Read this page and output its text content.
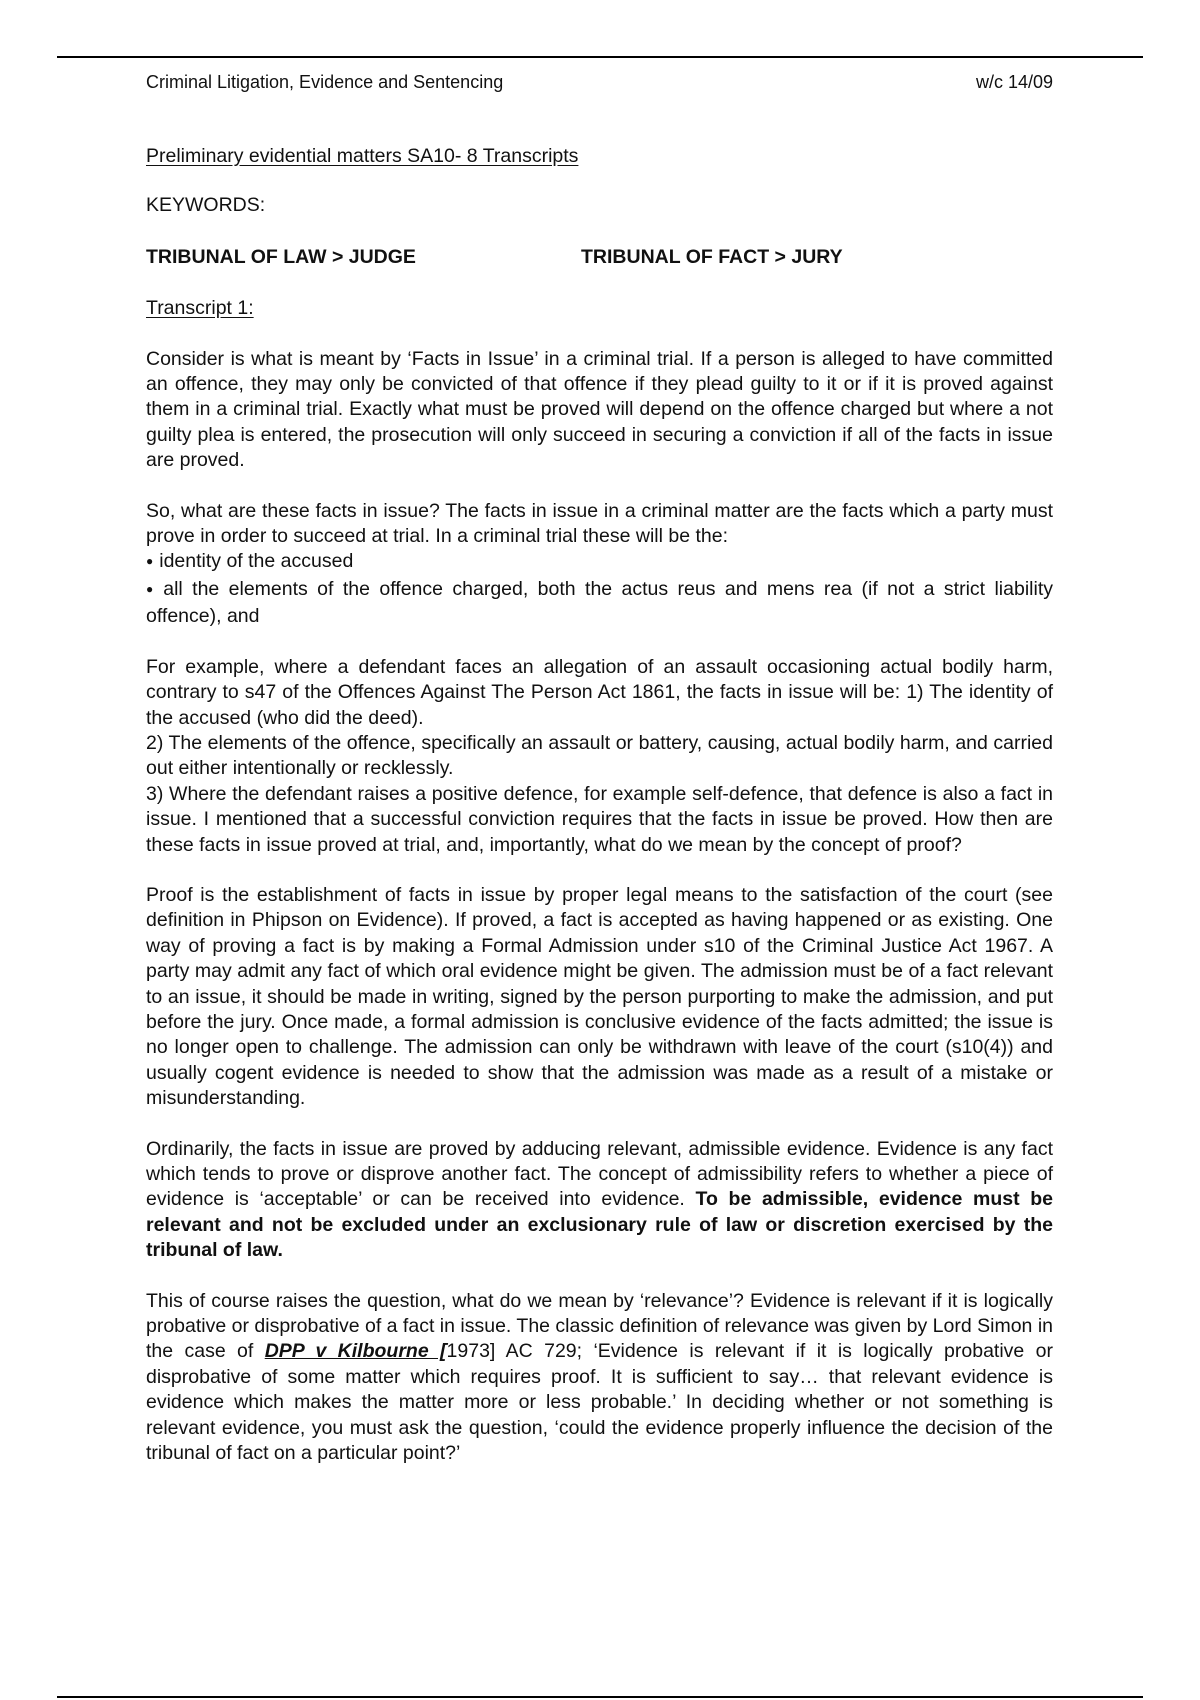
Criminal Litigation, Evidence and Sentencing	w/c 14/09
Preliminary evidential matters SA10- 8 Transcripts
KEYWORDS:
TRIBUNAL OF LAW > JUDGE	TRIBUNAL OF FACT > JURY
Transcript 1:

Consider is what is meant by ‘Facts in Issue’ in a criminal trial. If a person is alleged to have committed an offence, they may only be convicted of that offence if they plead guilty to it or if it is proved against them in a criminal trial. Exactly what must be proved will depend on the offence charged but where a not guilty plea is entered, the prosecution will only succeed in securing a conviction if all of the facts in issue are proved.

So, what are these facts in issue? The facts in issue in a criminal matter are the facts which a party must prove in order to succeed at trial. In a criminal trial these will be the:

● identity of the accused

● all the elements of the offence charged, both the actus reus and mens rea (if not a strict liability offence), and

For example, where a defendant faces an allegation of an assault occasioning actual bodily harm, contrary to s47 of the Offences Against The Person Act 1861, the facts in issue will be: 1) The identity of the accused (who did the deed).

2) The elements of the offence, specifically an assault or battery, causing, actual bodily harm, and carried out either intentionally or recklessly.

3) Where the defendant raises a positive defence, for example self-defence, that defence is also a fact in issue. I mentioned that a successful conviction requires that the facts in issue be proved. How then are these facts in issue proved at trial, and, importantly, what do we mean by the concept of proof?

Proof is the establishment of facts in issue by proper legal means to the satisfaction of the court (see definition in Phipson on Evidence). If proved, a fact is accepted as having happened or as existing. One way of proving a fact is by making a Formal Admission under s10 of the Criminal Justice Act 1967. A party may admit any fact of which oral evidence might be given. The admission must be of a fact relevant to an issue, it should be made in writing, signed by the person purporting to make the admission, and put before the jury. Once made, a formal admission is conclusive evidence of the facts admitted; the issue is no longer open to challenge. The admission can only be withdrawn with leave of the court (s10(4)) and usually cogent evidence is needed to show that the admission was made as a result of a mistake or misunderstanding.

Ordinarily, the facts in issue are proved by adducing relevant, admissible evidence. Evidence is any fact which tends to prove or disprove another fact. The concept of admissibility refers to whether a piece of evidence is ‘acceptable’ or can be received into evidence. To be admissible, evidence must be relevant and not be excluded under an exclusionary rule of law or discretion exercised by the tribunal of law.

This of course raises the question, what do we mean by ‘relevance’? Evidence is relevant if it is logically probative or disprobative of a fact in issue. The classic definition of relevance was given by Lord Simon in the case of DPP v Kilbourne [1973] AC 729; ‘Evidence is relevant if it is logically probative or disprobative of some matter which requires proof. It is sufficient to say… that relevant evidence is evidence which makes the matter more or less probable.’ In deciding whether or not something is relevant evidence, you must ask the question, ‘could the evidence properly influence the decision of the tribunal of fact on a particular point?’
